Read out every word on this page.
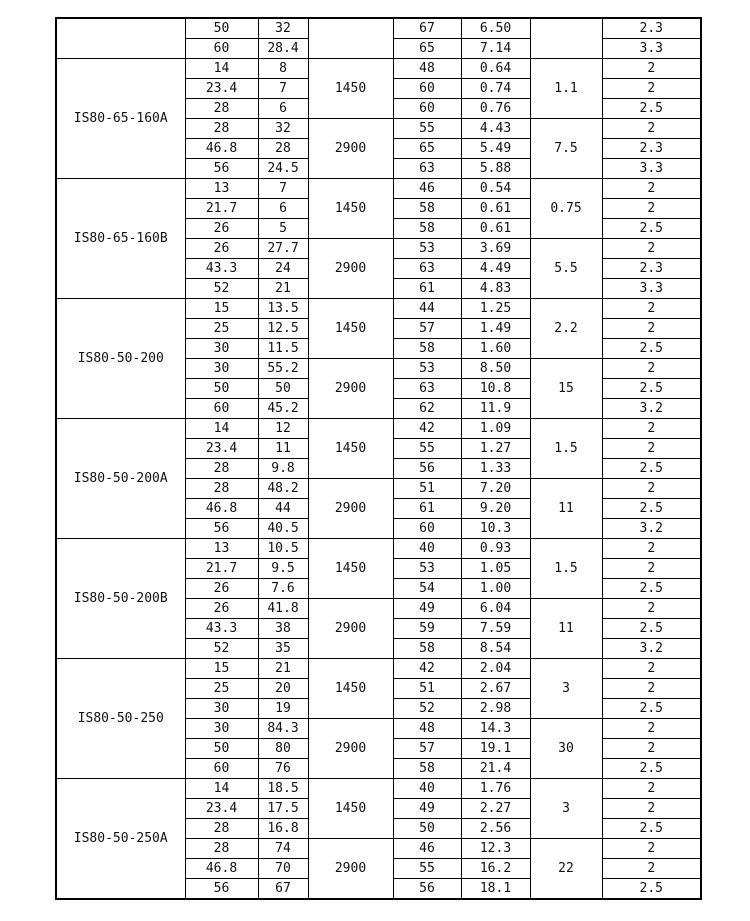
	50	32		67	6.50		2.3
	60	28.4		65	7.14		3.3
IS80-65-160A	14	8	1450	48	0.64	1.1	2
	23.4	7		60	0.74		2
	28	6		60	0.76		2.5
	28	32	2900	55	4.43	7.5	2
	46.8	28		65	5.49		2.3
	56	24.5		63	5.88		3.3
IS80-65-160B	13	7	1450	46	0.54	0.75	2
	21.7	6		58	0.61		2
	26	5		58	0.61		2.5
	26	27.7	2900	53	3.69	5.5	2
	43.3	24		63	4.49		2.3
	52	21		61	4.83		3.3
IS80-50-200	15	13.5	1450	44	1.25	2.2	2
	25	12.5		57	1.49		2
	30	11.5		58	1.60		2.5
	30	55.2	2900	53	8.50	15	2
	50	50		63	10.8		2.5
	60	45.2		62	11.9		3.2
IS80-50-200A	14	12	1450	42	1.09	1.5	2
	23.4	11		55	1.27		2
	28	9.8		56	1.33		2.5
	28	48.2	2900	51	7.20	11	2
	46.8	44		61	9.20		2.5
	56	40.5		60	10.3		3.2
IS80-50-200B	13	10.5	1450	40	0.93	1.5	2
	21.7	9.5		53	1.05		2
	26	7.6		54	1.00		2.5
	26	41.8	2900	49	6.04	11	2
	43.3	38		59	7.59		2.5
	52	35		58	8.54		3.2
IS80-50-250	15	21	1450	42	2.04	3	2
	25	20		51	2.67		2
	30	19		52	2.98		2.5
	30	84.3	2900	48	14.3	30	2
	50	80		57	19.1		2
	60	76		58	21.4		2.5
IS80-50-250A	14	18.5	1450	40	1.76	3	2
	23.4	17.5		49	2.27		2
	28	16.8		50	2.56		2.5
	28	74	2900	46	12.3	22	2
	46.8	70		55	16.2		2
	56	67		56	18.1		2.5
